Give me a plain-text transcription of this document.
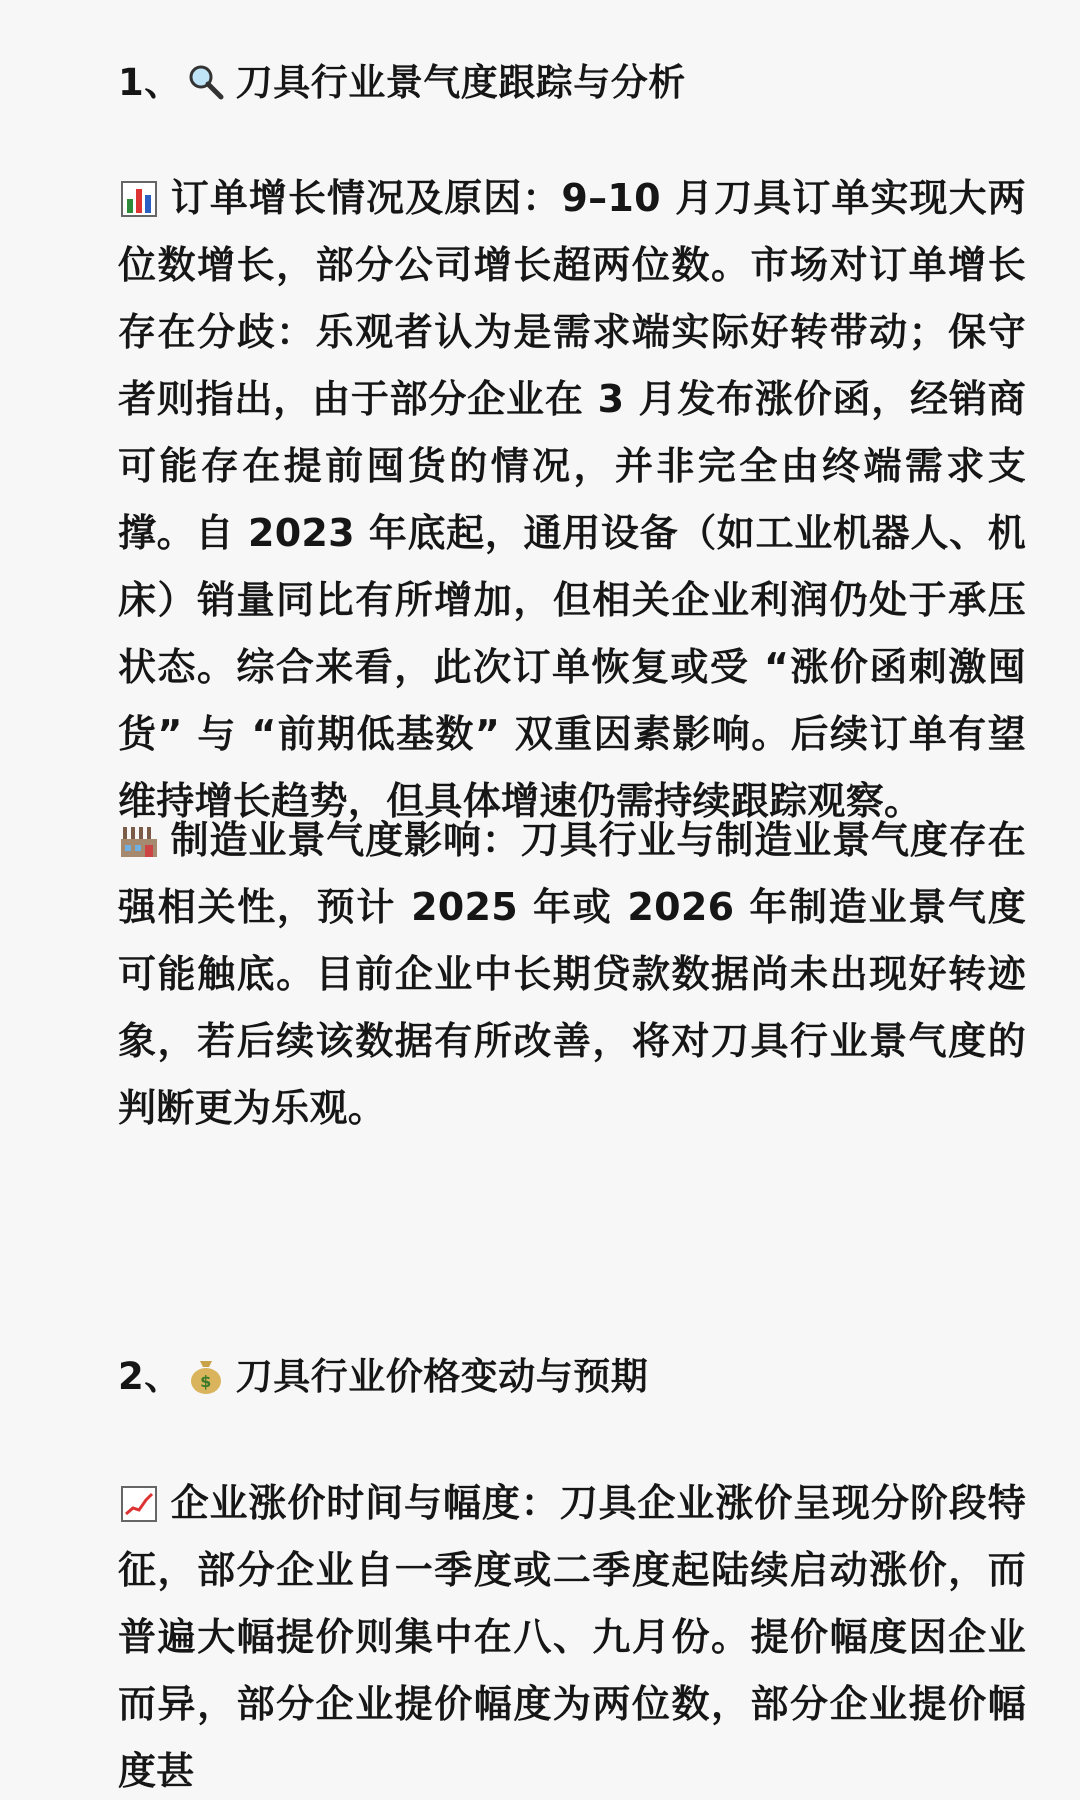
1、 刀具行业景气度跟踪与分析
订单增长情况及原因：9–10 月刀具订单实现大两位数增长，部分公司增长超两位数。市场对订单增长存在分歧：乐观者认为是需求端实际好转带动；保守者则指出，由于部分企业在 3 月发布涨价函，经销商可能存在提前囤货的情况，并非完全由终端需求支撑。自 2023 年底起，通用设备（如工业机器人、机床）销量同比有所增加，但相关企业利润仍处于承压状态。综合来看，此次订单恢复或受 “涨价函刺激囤货” 与 “前期低基数” 双重因素影响。后续订单有望维持增长趋势，但具体增速仍需持续跟踪观察。
制造业景气度影响：刀具行业与制造业景气度存在强相关性，预计 2025 年或 2026 年制造业景气度可能触底。目前企业中长期贷款数据尚未出现好转迹象，若后续该数据有所改善，将对刀具行业景气度的判断更为乐观。
2、 $ 刀具行业价格变动与预期
企业涨价时间与幅度：刀具企业涨价呈现分阶段特征，部分企业自一季度或二季度起陆续启动涨价，而普遍大幅提价则集中在八、九月份。提价幅度因企业而异，部分企业提价幅度为两位数，部分企业提价幅度甚
